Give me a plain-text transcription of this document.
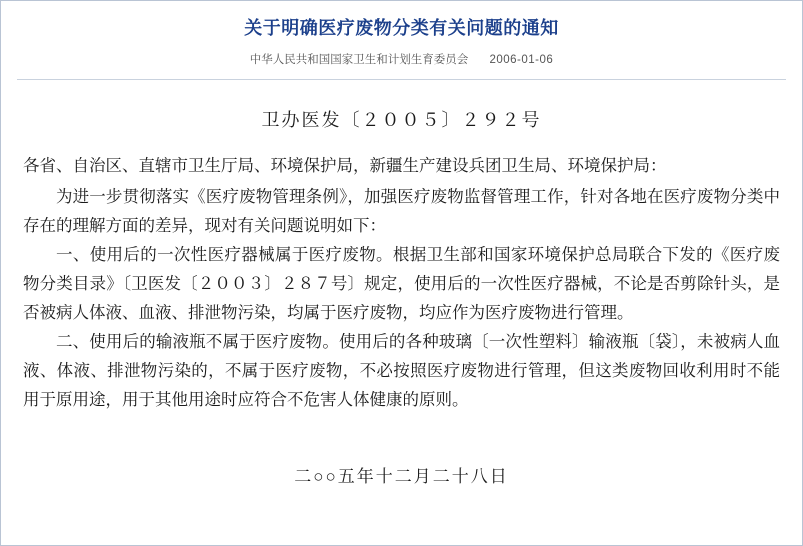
关于明确医疗废物分类有关问题的通知
中华人民共和国国家卫生和计划生育委员会 2006-01-06
卫办医发〔２００５〕２９２号
各省、自治区、直辖市卫生厅局、环境保护局，新疆生产建设兵团卫生局、环境保护局：
为进一步贯彻落实《医疗废物管理条例》，加强医疗废物监督管理工作，针对各地在医疗废物分类中存在的理解方面的差异，现对有关问题说明如下：
一、使用后的一次性医疗器械属于医疗废物。根据卫生部和国家环境保护总局联合下发的《医疗废物分类目录》〔卫医发〔２００３〕２８７号〕规定，使用后的一次性医疗器械，不论是否剪除针头，是否被病人体液、血液、排泄物污染，均属于医疗废物，均应作为医疗废物进行管理。
二、使用后的输液瓶不属于医疗废物。使用后的各种玻璃〔一次性塑料〕输液瓶〔袋〕，未被病人血液、体液、排泄物污染的，不属于医疗废物，不必按照医疗废物进行管理，但这类废物回收利用时不能用于原用途，用于其他用途时应符合不危害人体健康的原则。
二○○五年十二月二十八日
